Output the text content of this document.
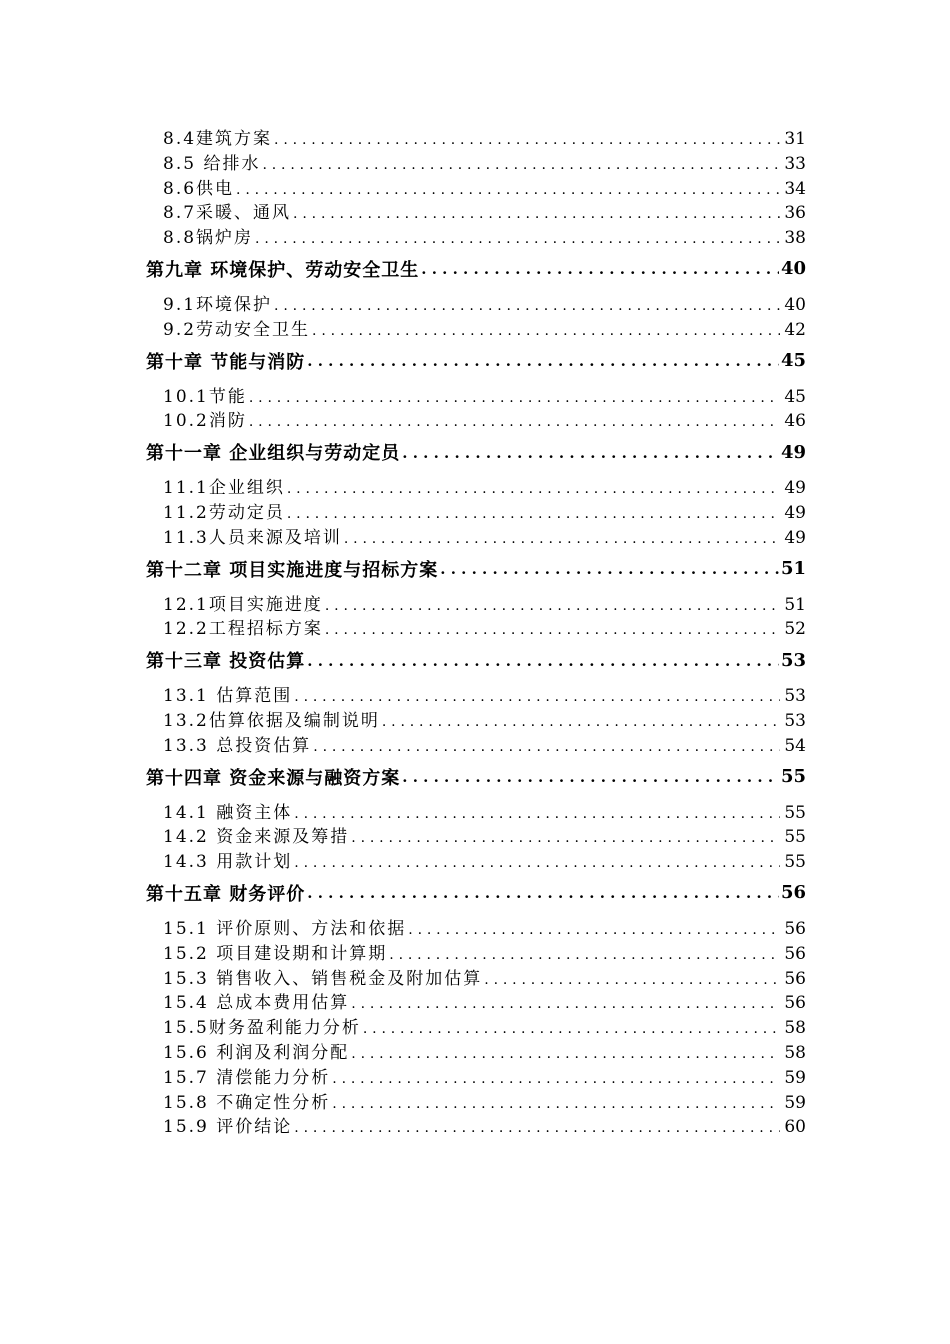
8.4建筑方案 . . .	31
8.5 给排水 . . .	33
8.6供电 . . .	34
8.7采暖、通风 . . .	36
8.8锅炉房 . . .	38
第九章 环境保护、劳动安全卫生 . . .	40
9.1环境保护 . . .	40
9.2劳动安全卫生 . . .	42
第十章 节能与消防 . . .	45
10.1节能 . . .	45
10.2消防 . . .	46
第十一章 企业组织与劳动定员 . . .	49
11.1企业组织 . . .	49
11.2劳动定员 . . .	49
11.3人员来源及培训 . . .	49
第十二章 项目实施进度与招标方案 . . .	51
12.1项目实施进度 . . .	51
12.2工程招标方案 . . .	52
第十三章 投资估算 . . .	53
13.1 估算范围 . . .	53
13.2估算依据及编制说明 . . .	53
13.3 总投资估算 . . .	54
第十四章 资金来源与融资方案 . . .	55
14.1 融资主体 . . .	55
14.2 资金来源及筹措 . . .	55
14.3 用款计划 . . .	55
第十五章 财务评价 . . .	56
15.1 评价原则、方法和依据 . . .	56
15.2 项目建设期和计算期 . . .	56
15.3 销售收入、销售税金及附加估算 . . .	56
15.4 总成本费用估算 . . .	56
15.5财务盈利能力分析 . . .	58
15.6 利润及利润分配 . . .	58
15.7 清偿能力分析 . . .	59
15.8 不确定性分析 . . .	59
15.9 评价结论 . . .	60
